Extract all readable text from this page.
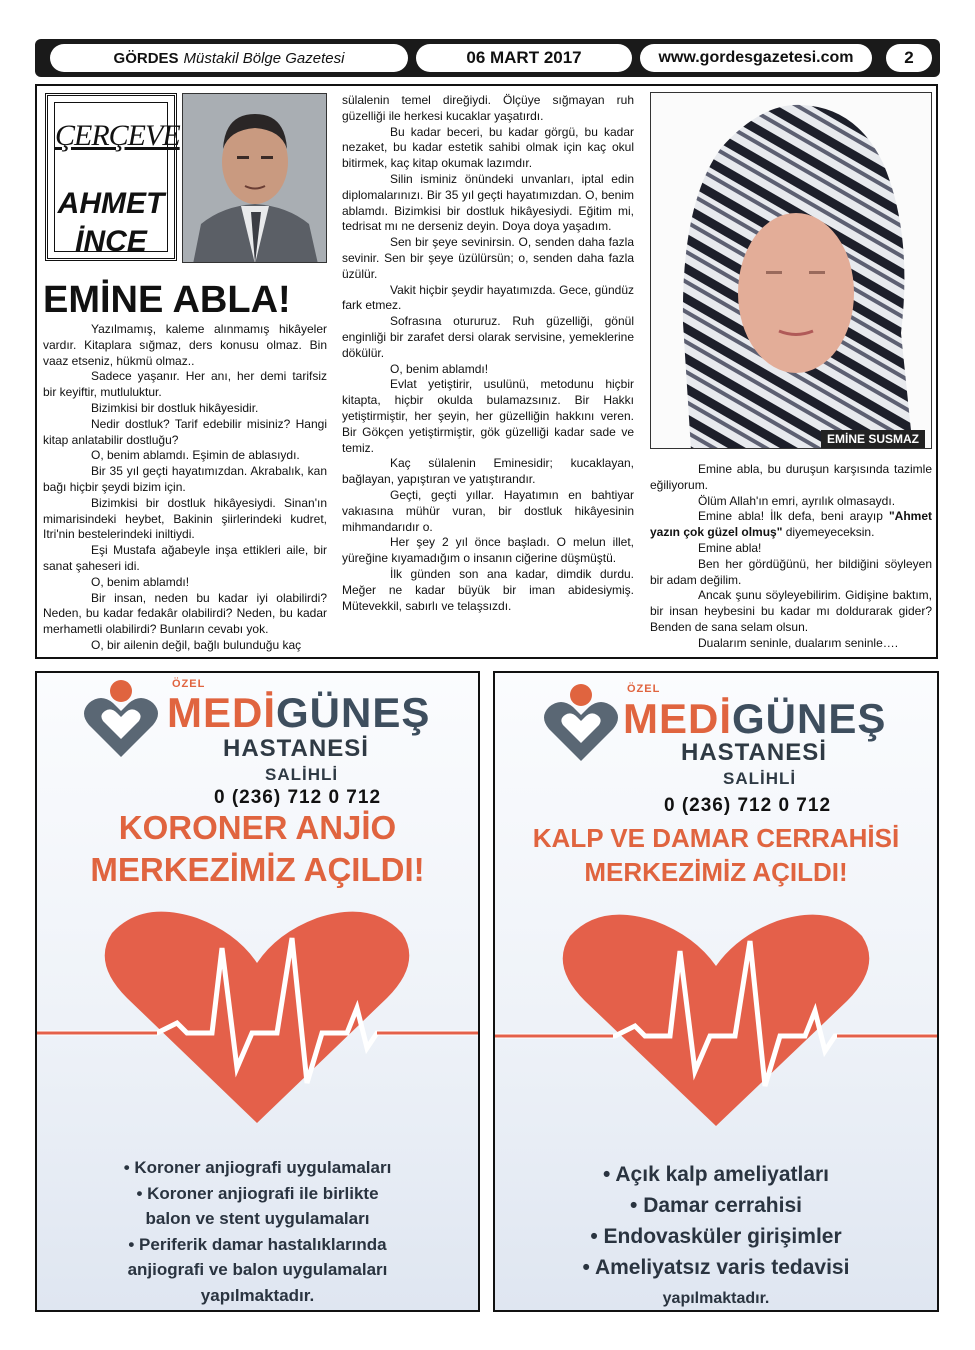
GÖRDES Müstakil Bölge Gazetesi	06 MART 2017	www.gordesgazetesi.com	2
ÇERÇEVE
AHMET
İNCE
EMİNE ABLA!

Yazılmamış, kaleme alınmamış hikâyeler vardır. Kitaplara sığmaz, ders konusu olmaz. Bin vaaz etseniz, hükmü olmaz..

Sadece yaşanır. Her anı, her demi tarifsiz bir keyiftir, mutluluktur.

Bizimkisi bir dostluk hikâyesidir.

Nedir dostluk? Tarif edebilir misiniz? Hangi kitap anlatabilir dostluğu?

O, benim ablamdı. Eşimin de ablasıydı.

Bir 35 yıl geçti hayatımızdan. Akrabalık, kan bağı hiçbir şeydi bizim için.

Bizimkisi bir dostluk hikâyesiydi. Sinan'ın mimarisindeki heybet, Bakinin şiirlerindeki kudret, Itri'nin bestelerindeki iniltiydi.

Eşi Mustafa ağabeyle inşa ettikleri aile, bir sanat şaheseri idi.

O, benim ablamdı!

Bir insan, neden bu kadar iyi olabilirdi? Neden, bu kadar fedakâr olabilirdi? Neden, bu kadar merhametli olabilirdi? Bunların cevabı yok.

O, bir ailenin değil, bağlı bulunduğu kaç

sülalenin temel direğiydi. Ölçüye sığmayan ruh güzelliği ile herkesi kucaklar yaşatırdı.

Bu kadar beceri, bu kadar görgü, bu kadar nezaket, bu kadar estetik sahibi olmak için kaç okul bitirmek, kaç kitap okumak lazımdır.

Silin isminiz önündeki unvanları, iptal edin diplomalarınızı. Bir 35 yıl geçti hayatımızdan. O, benim ablamdı. Bizimkisi bir dostluk hikâyesiydi. Eğitim mi, tedrisat mı ne derseniz deyin. Doya doya yaşadım.

Sen bir şeye sevinirsin. O, senden daha fazla sevinir. Sen bir şeye üzülürsün; o, senden daha fazla üzülür.

Vakit hiçbir şeydir hayatımızda. Gece, gündüz fark etmez.

Sofrasına otururuz. Ruh güzelliği, gönül enginliği bir zarafet dersi olarak servisine, yemeklerine dökülür.

O, benim ablamdı!

Evlat yetiştirir, usulünü, metodunu hiçbir kitapta, hiçbir okulda bulamazsınız. Bir Hakkı yetiştirmiştir, her şeyin, her güzelliğin hakkını veren. Bir Gökçen yetiştirmiştir, gök güzelliği kadar sade ve temiz.

Kaç sülalenin Eminesidir; kucaklayan, bağlayan, yapıştıran ve yatıştırandır.

Geçti, geçti yıllar. Hayatımın en bahtiyar vakıasına mühür vuran, bir dostluk hikâyesinin mihmandarıdır o.

Her şey 2 yıl önce başladı. O melun illet, yüreğine kıyamadığım o insanın ciğerine düşmüştü.

İlk günden son ana kadar, dimdik durdu. Meğer ne kadar büyük bir iman abidesiymiş. Mütevekkil, sabırlı ve telaşsızdı.

EMİNE SUSMAZ

Emine abla, bu duruşun karşısında tazimle eğiliyorum.

Ölüm Allah'ın emri, ayrılık olmasaydı.

Emine abla! İlk defa, beni arayıp "Ahmet yazın çok güzel olmuş" diyemeyeceksin.

Emine abla!

Ben her gördüğünü, her bildiğini söyleyen bir adam değilim.

Ancak şunu söyleyebilirim. Gidişine baktım, bir insan heybesini bu kadar mı doldurarak gider? Benden de sana selam olsun.

Dualarım seninle, dualarım seninle….

ÖZEL
MEDİGÜNEŞ
HASTANESİ
SALİHLİ
0 (236) 712 0 712
KORONER ANJİO
MERKEZİMİZ AÇILDI!
• Koroner anjiografi uygulamaları
• Koroner anjiografi ile birlikte
balon ve stent uygulamaları
• Periferik damar hastalıklarında
anjiografi ve balon uygulamaları
yapılmaktadır.
ÖZEL
MEDİGÜNEŞ
HASTANESİ
SALİHLİ
0 (236) 712 0 712
KALP VE DAMAR CERRAHİSİ
MERKEZİMİZ AÇILDI!
• Açık kalp ameliyatları
• Damar cerrahisi
• Endovasküler girişimler
• Ameliyatsız varis tedavisi
yapılmaktadır.
